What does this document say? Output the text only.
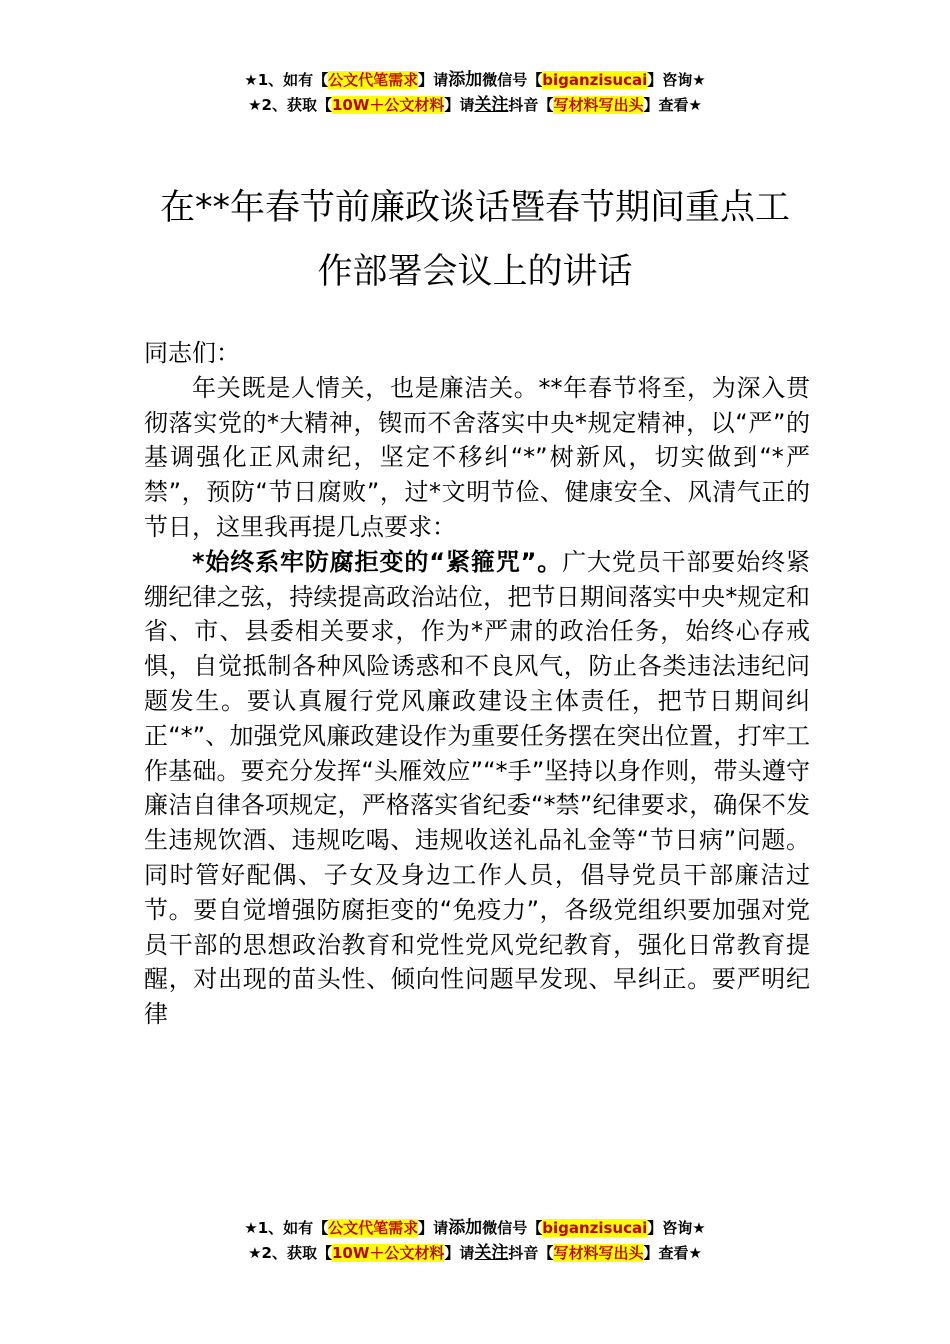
★1、如有【公文代笔需求】请添加微信号【biganzisucai】咨询★
★2、获取【10W＋公文材料】请关注抖音【写材料写出头】查看★
在**年春节前廉政谈话暨春节期间重点工
作部署会议上的讲话

同志们：

年关既是人情关，也是廉洁关。**年春节将至，为深入贯彻落实党的*大精神，锲而不舍落实中央*规定精神，以“严”的基调强化正风肃纪，坚定不移纠“*”树新风，切实做到“*严禁”，预防“节日腐败”，过*文明节俭、健康安全、风清气正的节日，这里我再提几点要求：

*始终系牢防腐拒变的“紧箍咒”。广大党员干部要始终紧绷纪律之弦，持续提高政治站位，把节日期间落实中央*规定和省、市、县委相关要求，作为*严肃的政治任务，始终心存戒惧，自觉抵制各种风险诱惑和不良风气，防止各类违法违纪问题发生。要认真履行党风廉政建设主体责任，把节日期间纠正“*”、加强党风廉政建设作为重要任务摆在突出位置，打牢工作基础。要充分发挥“头雁效应”“*手”坚持以身作则，带头遵守廉洁自律各项规定，严格落实省纪委“*禁”纪律要求，确保不发生违规饮酒、违规吃喝、违规收送礼品礼金等“节日病”问题。同时管好配偶、子女及身边工作人员，倡导党员干部廉洁过节。要自觉增强防腐拒变的“免疫力”，各级党组织要加强对党员干部的思想政治教育和党性党风党纪教育，强化日常教育提醒，对出现的苗头性、倾向性问题早发现、早纠正。要严明纪律

★1、如有【公文代笔需求】请添加微信号【biganzisucai】咨询★
★2、获取【10W＋公文材料】请关注抖音【写材料写出头】查看★
